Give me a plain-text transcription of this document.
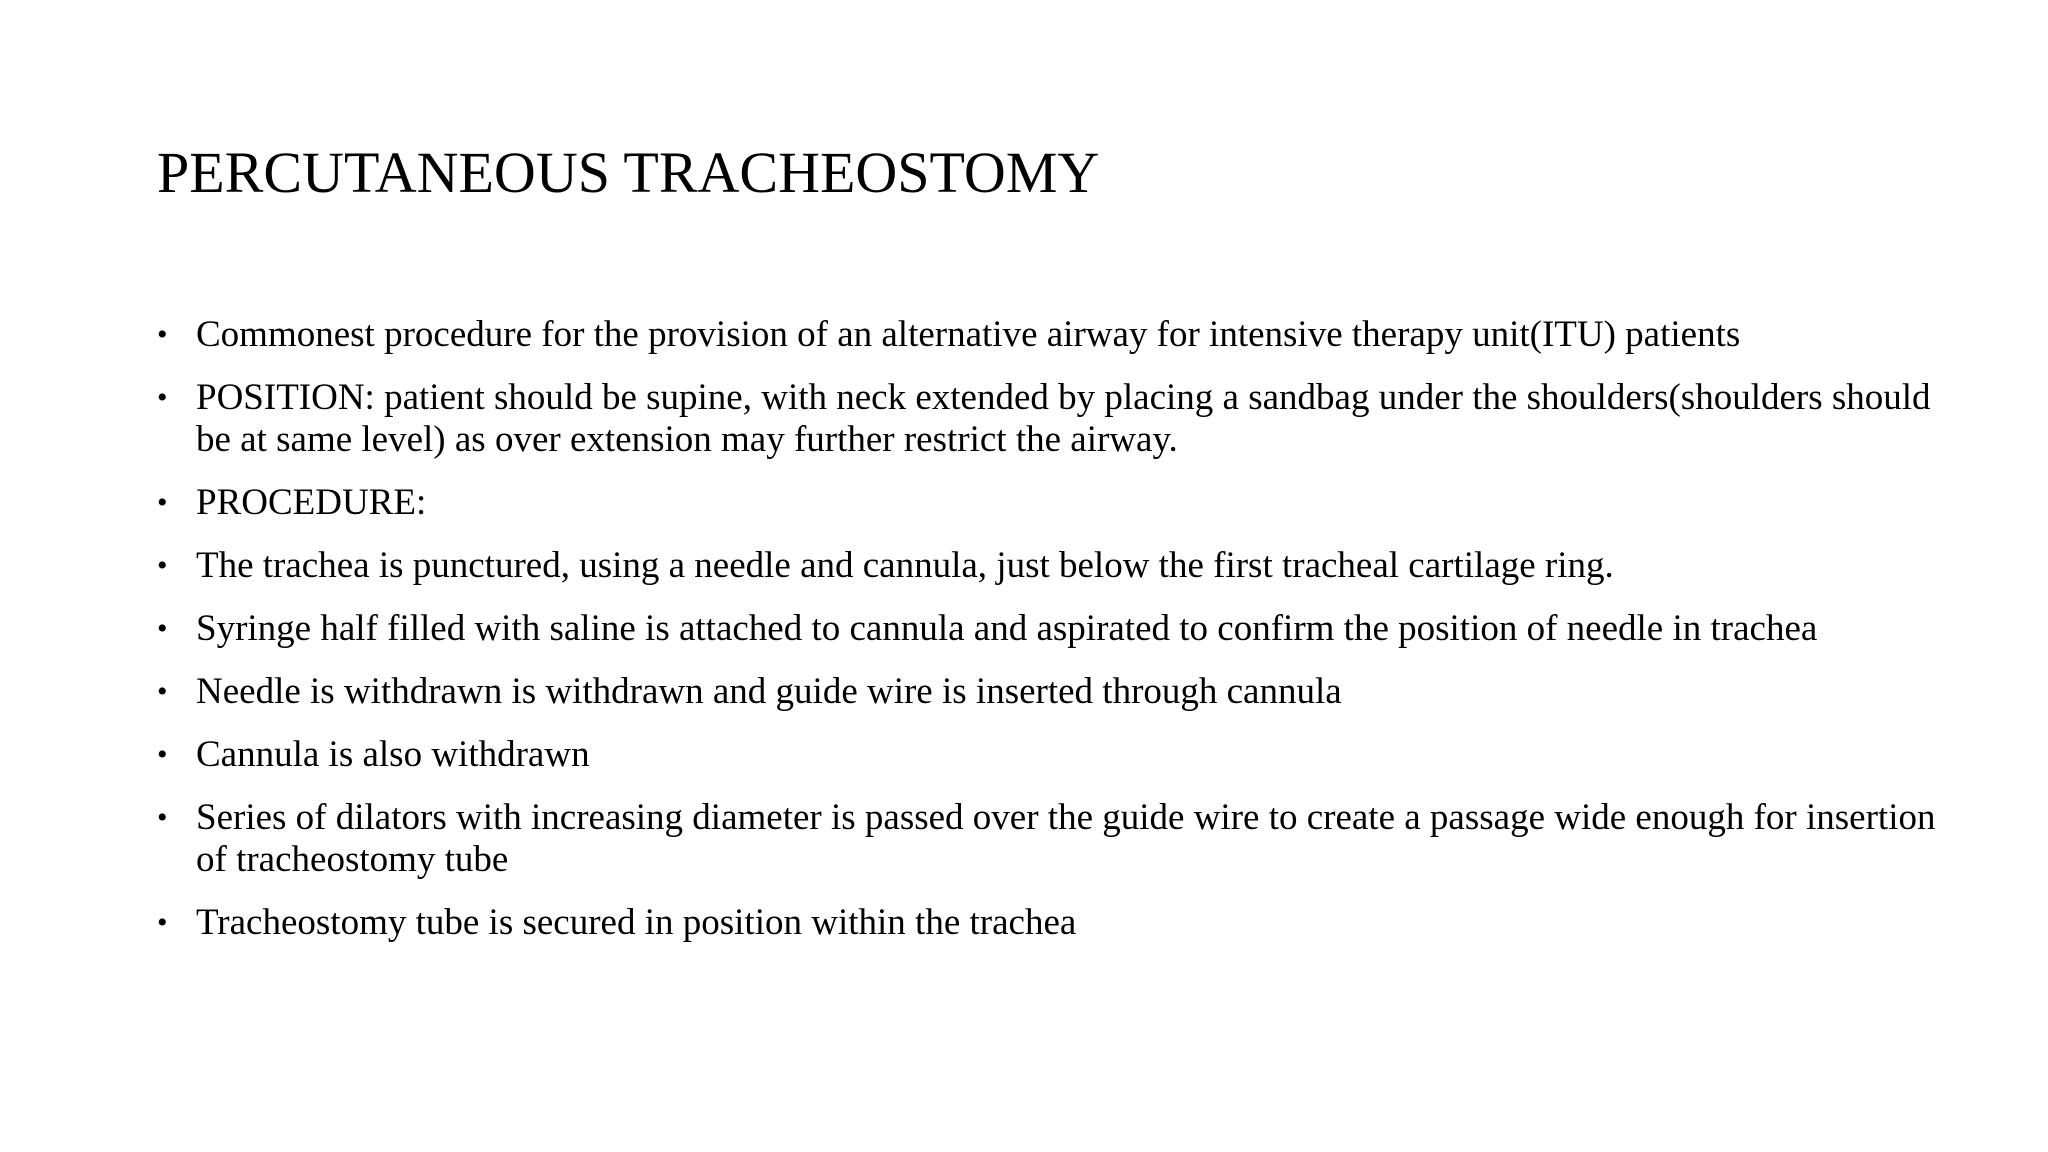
PERCUTANEOUS TRACHEOSTOMY
• Commonest procedure for the provision of an alternative airway for intensive therapy unit(ITU) patients
• POSITION: patient should be supine, with neck extended by placing a sandbag under the shoulders(shoulders should be at same level) as over extension may further restrict the airway.
• PROCEDURE:
• The trachea is punctured, using a needle and cannula, just below the first tracheal cartilage ring.
• Syringe half filled with saline is attached to cannula and aspirated to confirm the position of needle in trachea
• Needle is withdrawn is withdrawn and guide wire is inserted through cannula
• Cannula is also withdrawn
• Series of dilators with increasing diameter is passed over the guide wire to create a passage wide enough for insertion of tracheostomy tube
• Tracheostomy tube is secured in position within the trachea
